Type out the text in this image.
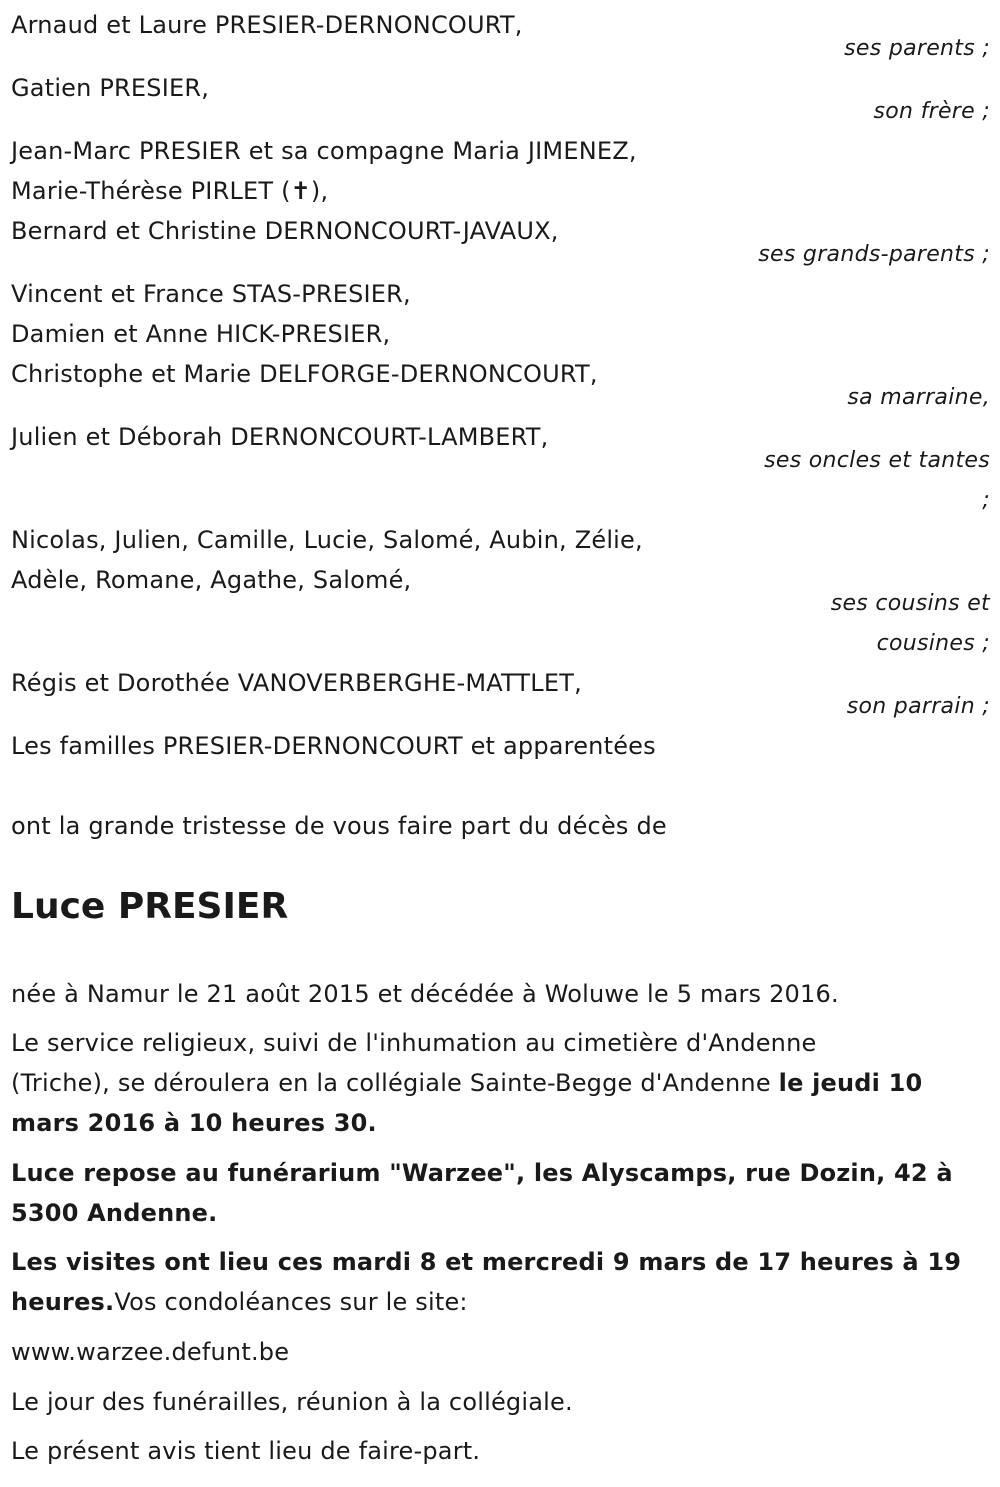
Arnaud et Laure PRESIER-DERNONCOURT,
ses parents ;
Gatien PRESIER,
son frère ;
Jean-Marc PRESIER et sa compagne Maria JIMENEZ,
Marie-Thérèse PIRLET (✝),
Bernard et Christine DERNONCOURT-JAVAUX,
ses grands-parents ;
Vincent et France STAS-PRESIER,
Damien et Anne HICK-PRESIER,
Christophe et Marie DELFORGE-DERNONCOURT,
sa marraine,
Julien et Déborah DERNONCOURT-LAMBERT,
ses oncles et tantes
;
Nicolas, Julien, Camille, Lucie, Salomé, Aubin, Zélie,
Adèle, Romane, Agathe, Salomé,
ses cousins et
cousines ;
Régis et Dorothée VANOVERBERGHE-MATTLET,
son parrain ;
Les familles PRESIER-DERNONCOURT et apparentées
ont la grande tristesse de vous faire part du décès de
Luce PRESIER
née à Namur le 21 août 2015 et décédée à Woluwe le 5 mars 2016.
Le service religieux, suivi de l'inhumation au cimetière d'Andenne
(Triche), se déroulera en la collégiale Sainte-Begge d'Andenne le jeudi 10
mars 2016 à 10 heures 30.
Luce repose au funérarium "Warzee", les Alyscamps, rue Dozin, 42 à
5300 Andenne.
Les visites ont lieu ces mardi 8 et mercredi 9 mars de 17 heures à 19
heures.Vos condoléances sur le site:
www.warzee.defunt.be
Le jour des funérailles, réunion à la collégiale.
Le présent avis tient lieu de faire-part.
